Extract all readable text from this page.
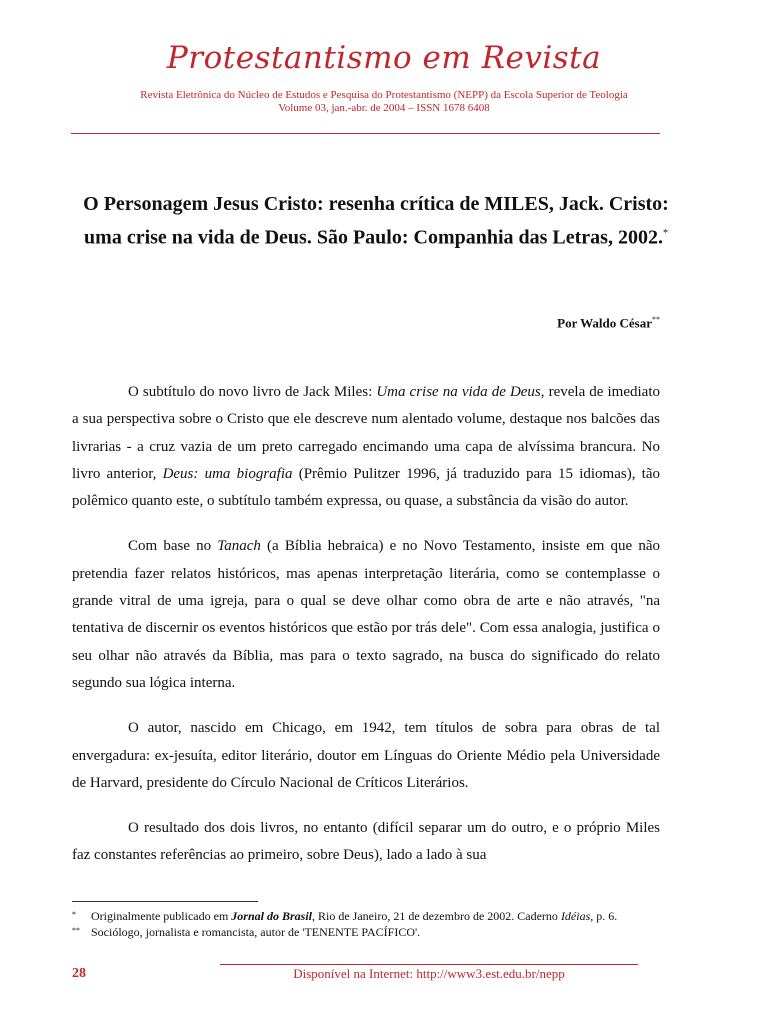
Protestantismo em Revista
Revista Eletrônica do Núcleo de Estudos e Pesquisa do Protestantismo (NEPP) da Escola Superior de Teologia
Volume 03, jan.-abr. de 2004 – ISSN 1678 6408
O Personagem Jesus Cristo: resenha crítica de MILES, Jack. Cristo: uma crise na vida de Deus. São Paulo: Companhia das Letras, 2002.*
Por Waldo César**

O subtítulo do novo livro de Jack Miles: Uma crise na vida de Deus, revela de imediato a sua perspectiva sobre o Cristo que ele descreve num alentado volume, destaque nos balcões das livrarias - a cruz vazia de um preto carregado encimando uma capa de alvíssima brancura. No livro anterior, Deus: uma biografia (Prêmio Pulitzer 1996, já traduzido para 15 idiomas), tão polêmico quanto este, o subtítulo também expressa, ou quase, a substância da visão do autor.

Com base no Tanach (a Bíblia hebraica) e no Novo Testamento, insiste em que não pretendia fazer relatos históricos, mas apenas interpretação literária, como se contemplasse o grande vitral de uma igreja, para o qual se deve olhar como obra de arte e não através, "na tentativa de discernir os eventos históricos que estão por trás dele". Com essa analogia, justifica o seu olhar não através da Bíblia, mas para o texto sagrado, na busca do significado do relato segundo sua lógica interna.

O autor, nascido em Chicago, em 1942, tem títulos de sobra para obras de tal envergadura: ex-jesuíta, editor literário, doutor em Línguas do Oriente Médio pela Universidade de Harvard, presidente do Círculo Nacional de Críticos Literários.

O resultado dos dois livros, no entanto (difícil separar um do outro, e o próprio Miles faz constantes referências ao primeiro, sobre Deus), lado a lado à sua

* Originalmente publicado em Jornal do Brasil, Rio de Janeiro, 21 de dezembro de 2002. Caderno Idéias, p. 6.
** Sociólogo, jornalista e romancista, autor de 'TENENTE PACÍFICO'.
28	Disponível na Internet: http://www3.est.edu.br/nepp
